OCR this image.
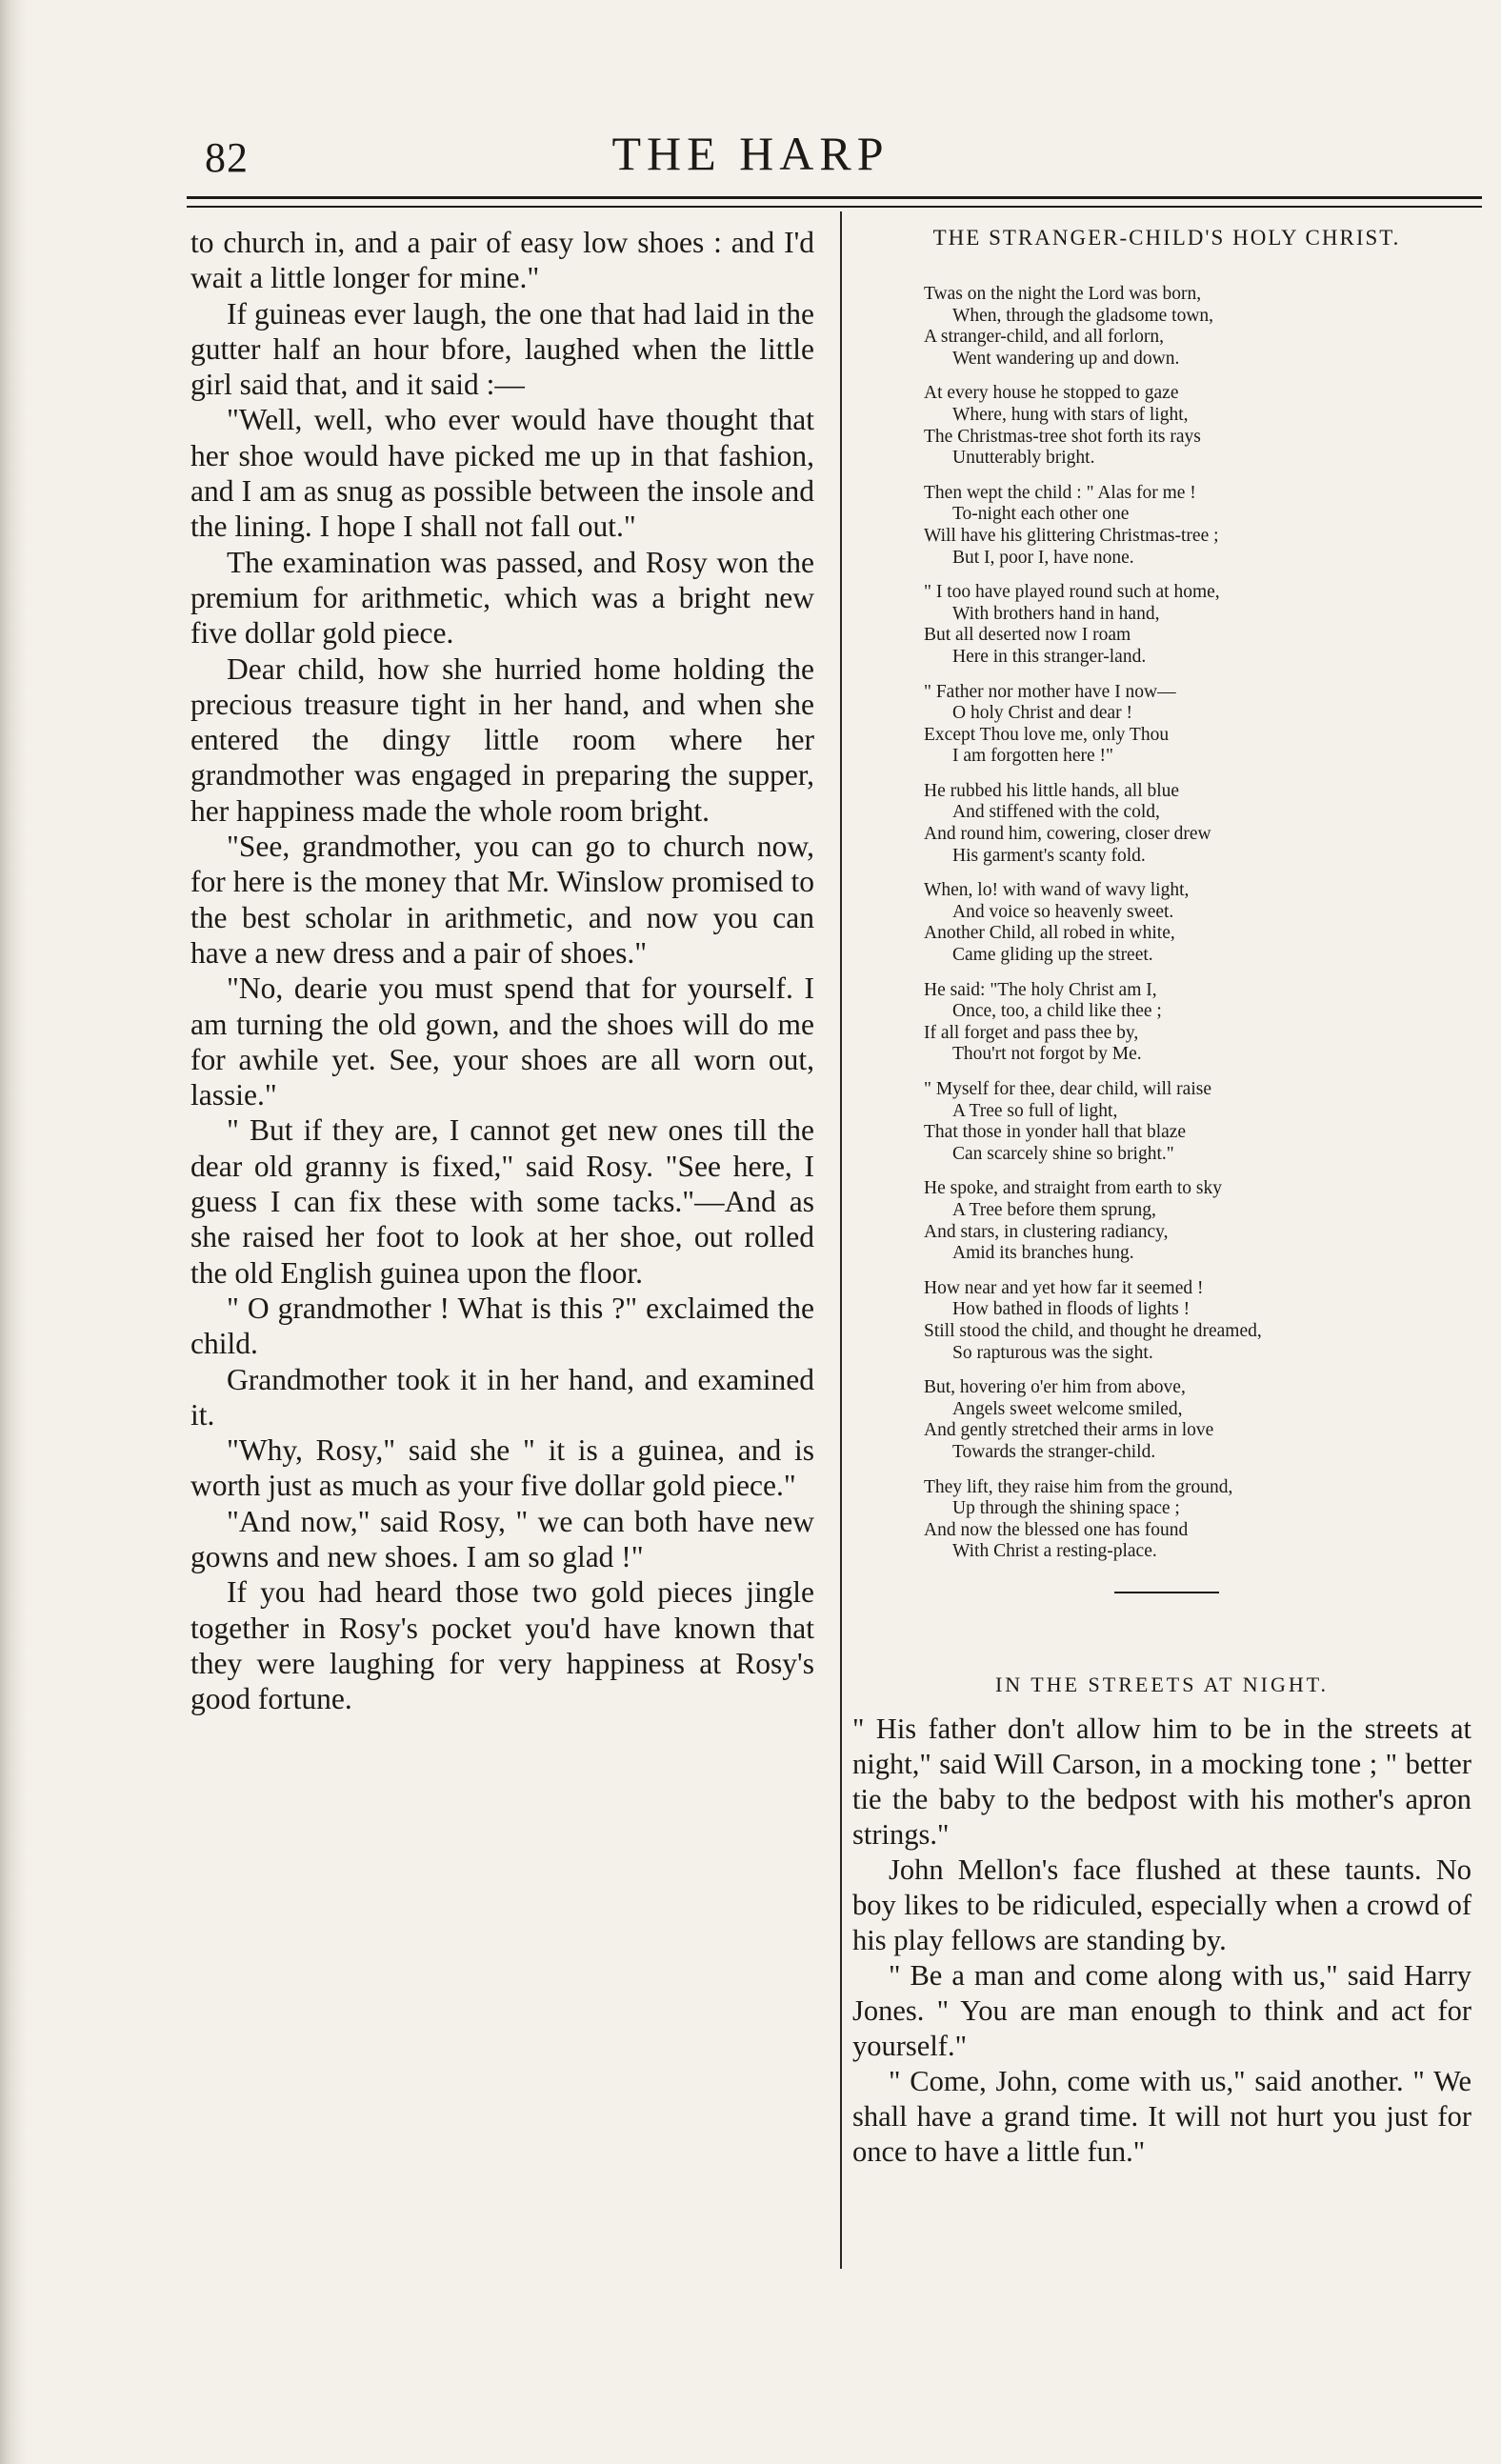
82	THE HARP

to church in, and a pair of easy low shoes : and I'd wait a little longer for mine."

If guineas ever laugh, the one that had laid in the gutter half an hour bfore, laughed when the little girl said that, and it said :—

"Well, well, who ever would have thought that her shoe would have picked me up in that fashion, and I am as snug as possible between the insole and the lining. I hope I shall not fall out."

The examination was passed, and Rosy won the premium for arithmetic, which was a bright new five dollar gold piece.

Dear child, how she hurried home holding the precious treasure tight in her hand, and when she entered the dingy little room where her grandmother was engaged in preparing the supper, her happiness made the whole room bright.

"See, grandmother, you can go to church now, for here is the money that Mr. Winslow promised to the best scholar in arithmetic, and now you can have a new dress and a pair of shoes."

"No, dearie you must spend that for yourself. I am turning the old gown, and the shoes will do me for awhile yet. See, your shoes are all worn out, lassie."

" But if they are, I cannot get new ones till the dear old granny is fixed," said Rosy. "See here, I guess I can fix these with some tacks."—And as she raised her foot to look at her shoe, out rolled the old English guinea upon the floor.

" O grandmother ! What is this ?" exclaimed the child.

Grandmother took it in her hand, and examined it.

"Why, Rosy," said she " it is a guinea, and is worth just as much as your five dollar gold piece."

"And now," said Rosy, " we can both have new gowns and new shoes. I am so glad !"

If you had heard those two gold pieces jingle together in Rosy's pocket you'd have known that they were laughing for very happiness at Rosy's good fortune.

THE STRANGER-CHILD'S HOLY CHRIST.
Twas on the night the Lord was born,
When, through the gladsome town,
A stranger-child, and all forlorn,
Went wandering up and down.
At every house he stopped to gaze
Where, hung with stars of light,
The Christmas-tree shot forth its rays
Unutterably bright.
Then wept the child : " Alas for me !
To-night each other one
Will have his glittering Christmas-tree ;
But I, poor I, have none.
" I too have played round such at home,
With brothers hand in hand,
But all deserted now I roam
Here in this stranger-land.
" Father nor mother have I now—
O holy Christ and dear !
Except Thou love me, only Thou
I am forgotten here !"
He rubbed his little hands, all blue
And stiffened with the cold,
And round him, cowering, closer drew
His garment's scanty fold.
When, lo! with wand of wavy light,
And voice so heavenly sweet.
Another Child, all robed in white,
Came gliding up the street.
He said: "The holy Christ am I,
Once, too, a child like thee ;
If all forget and pass thee by,
Thou'rt not forgot by Me.
" Myself for thee, dear child, will raise
A Tree so full of light,
That those in yonder hall that blaze
Can scarcely shine so bright."
He spoke, and straight from earth to sky
A Tree before them sprung,
And stars, in clustering radiancy,
Amid its branches hung.
How near and yet how far it seemed !
How bathed in floods of lights !
Still stood the child, and thought he dreamed,
So rapturous was the sight.
But, hovering o'er him from above,
Angels sweet welcome smiled,
And gently stretched their arms in love
Towards the stranger-child.
They lift, they raise him from the ground,
Up through the shining space ;
And now the blessed one has found
With Christ a resting-place.
IN THE STREETS AT NIGHT.

" His father don't allow him to be in the streets at night," said Will Carson, in a mocking tone ; " better tie the baby to the bedpost with his mother's apron strings."

John Mellon's face flushed at these taunts. No boy likes to be ridiculed, especially when a crowd of his play fellows are standing by.

" Be a man and come along with us," said Harry Jones. " You are man enough to think and act for yourself."

" Come, John, come with us," said another. " We shall have a grand time. It will not hurt you just for once to have a little fun."
